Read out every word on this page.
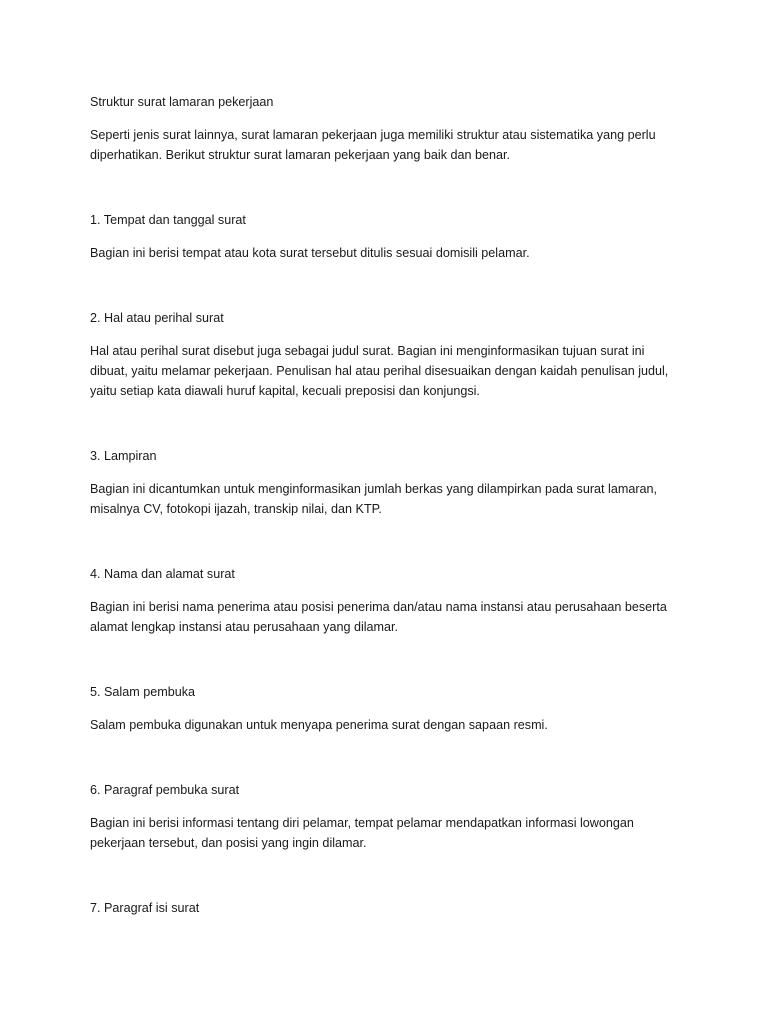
Struktur surat lamaran pekerjaan

Seperti jenis surat lainnya, surat lamaran pekerjaan juga memiliki struktur atau sistematika yang perlu diperhatikan. Berikut struktur surat lamaran pekerjaan yang baik dan benar.

1. Tempat dan tanggal surat

Bagian ini berisi tempat atau kota surat tersebut ditulis sesuai domisili pelamar.

2. Hal atau perihal surat

Hal atau perihal surat disebut juga sebagai judul surat. Bagian ini menginformasikan tujuan surat ini dibuat, yaitu melamar pekerjaan. Penulisan hal atau perihal disesuaikan dengan kaidah penulisan judul, yaitu setiap kata diawali huruf kapital, kecuali preposisi dan konjungsi.

3. Lampiran

Bagian ini dicantumkan untuk menginformasikan jumlah berkas yang dilampirkan pada surat lamaran, misalnya CV, fotokopi ijazah, transkip nilai, dan KTP.

4. Nama dan alamat surat

Bagian ini berisi nama penerima atau posisi penerima dan/atau nama instansi atau perusahaan beserta alamat lengkap instansi atau perusahaan yang dilamar.

5. Salam pembuka

Salam pembuka digunakan untuk menyapa penerima surat dengan sapaan resmi.

6. Paragraf pembuka surat

Bagian ini berisi informasi tentang diri pelamar, tempat pelamar mendapatkan informasi lowongan pekerjaan tersebut, dan posisi yang ingin dilamar.

7. Paragraf isi surat
